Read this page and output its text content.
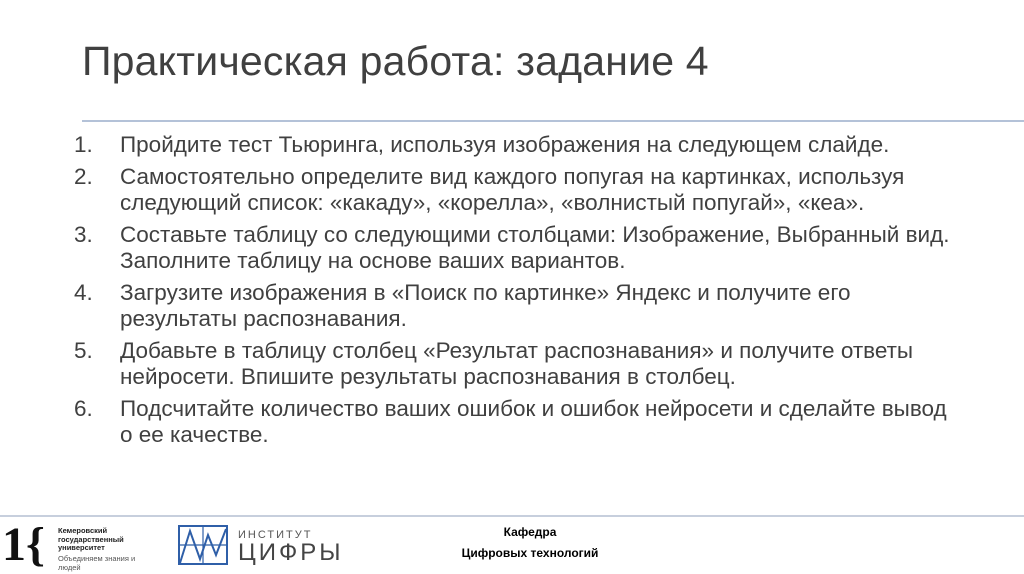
Практическая работа: задание 4
1.	Пройдите тест Тьюринга, используя изображения на следующем слайде.
2.	Самостоятельно определите вид каждого попугая на картинках, используя следующий список: «какаду», «корелла», «волнистый попугай», «кеа».
3.	Составьте таблицу со следующими столбцами: Изображение, Выбранный вид. Заполните таблицу на основе ваших вариантов.
4.	Загрузите изображения в «Поиск по картинке» Яндекс и получите его результаты распознавания.
5.	Добавьте в таблицу столбец «Результат распознавания» и получите ответы нейросети. Впишите результаты распознавания в столбец.
6.	Подсчитайте количество ваших ошибок и ошибок нейросети и сделайте вывод о ее качестве.
1{ Кемеровский государственный университет
Объединяем знания и людей
ИНСТИТУТ
ЦИФРЫ
Кафедра
Цифровых технологий
